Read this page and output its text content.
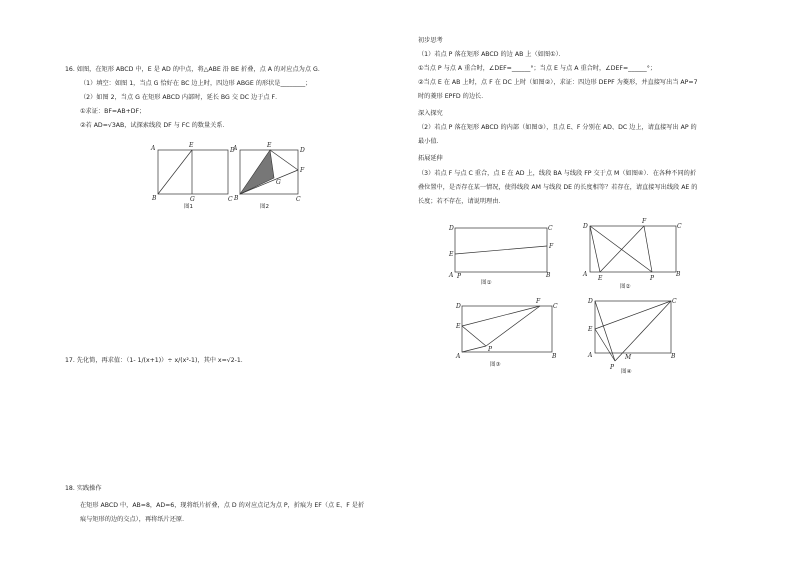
16. 如图，在矩形 ABCD 中，E 是 AD 的中点，将△ABE 沿 BE 折叠，点 A 的对应点为点 G．
（1）填空：如图 1，当点 G 恰好在 BC 边上时，四边形 ABGE 的形状是________；
（2）如图 2，当点 G 在矩形 ABCD 内部时，延长 BG 交 DC 边于点 F．
①求证：BF=AB+DF；
②若 AD=√3AB，试探索线段 DF 与 FC 的数量关系．
A	E
D
B	G	C
图1
A	E
D
F
G
B	C
图2
17. 先化简，再求值：（1- 1/(x+1)）÷ x/(x²-1)，其中 x=√2-1．
18. 实践操作
在矩形 ABCD 中，AB=8，AD=6，现将纸片折叠，点 D 的对应点记为点 P，折痕为 EF（点 E、F 是折
痕与矩形的边的交点），再将纸片还原．
初步思考
（1）若点 P 落在矩形 ABCD 的边 AB 上（如图①）．
①当点 P 与点 A 重合时，∠DEF=______°；当点 E 与点 A 重合时，∠DEF=______°；
②当点 E 在 AB 上时，点 F 在 DC 上时（如图②），求证：四边形 DEPF 为菱形，并直接写出当 AP=7
时的菱形 EPFD 的边长．
深入探究
（2）若点 P 落在矩形 ABCD 的内部（如图③），且点 E、F 分别在 AD、DC 边上，请直接写出 AP 的
最小值．
拓展延伸
（3）若点 F 与点 C 重合，点 E 在 AD 上，线段 BA 与线段 FP 交于点 M（如图④）．在各种不同的折
叠位置中，是否存在某一情况，使得线段 AM 与线段 DE 的长度相等？若存在，请直接写出线段 AE 的
长度；若不存在，请说明理由．
D	C
E
F
A P	B
图①
D
F
C
A
E	P
B
图②
D
F
C
E
P
A	B
图③
D	C
E
A	M	B
P
图④
